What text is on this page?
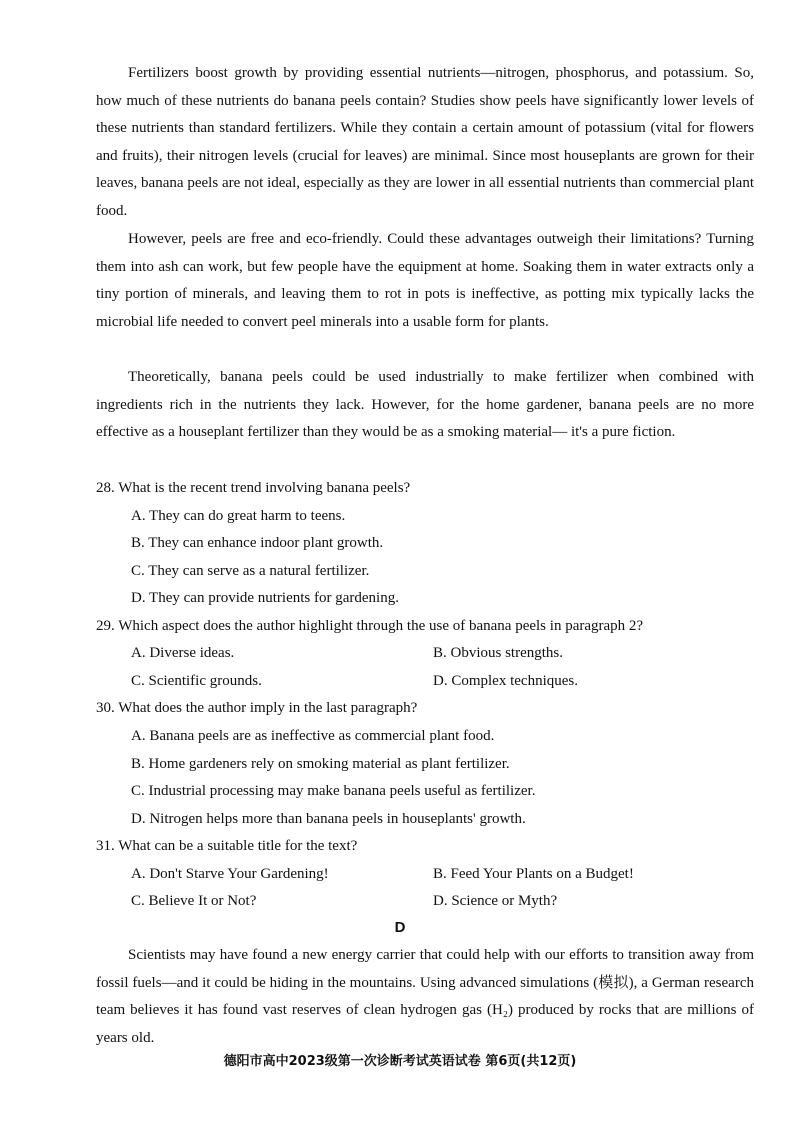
Fertilizers boost growth by providing essential nutrients—nitrogen, phosphorus, and potassium. So, how much of these nutrients do banana peels contain? Studies show peels have significantly lower levels of these nutrients than standard fertilizers. While they contain a certain amount of potassium (vital for flowers and fruits), their nitrogen levels (crucial for leaves) are minimal. Since most houseplants are grown for their leaves, banana peels are not ideal, especially as they are lower in all essential nutrients than commercial plant food.

However, peels are free and eco-friendly. Could these advantages outweigh their limitations? Turning them into ash can work, but few people have the equipment at home. Soaking them in water extracts only a tiny portion of minerals, and leaving them to rot in pots is ineffective, as potting mix typically lacks the microbial life needed to convert peel minerals into a usable form for plants.

Theoretically, banana peels could be used industrially to make fertilizer when combined with ingredients rich in the nutrients they lack. However, for the home gardener, banana peels are no more effective as a houseplant fertilizer than they would be as a smoking material— it's a pure fiction.

28. What is the recent trend involving banana peels?

A. They can do great harm to teens.

B. They can enhance indoor plant growth.

C. They can serve as a natural fertilizer.

D. They can provide nutrients for gardening.

29. Which aspect does the author highlight through the use of banana peels in paragraph 2?

A. Diverse ideas.	B. Obvious strengths.

C. Scientific grounds.	D. Complex techniques.

30. What does the author imply in the last paragraph?

A. Banana peels are as ineffective as commercial plant food.

B. Home gardeners rely on smoking material as plant fertilizer.

C. Industrial processing may make banana peels useful as fertilizer.

D. Nitrogen helps more than banana peels in houseplants' growth.

31. What can be a suitable title for the text?

A. Don't Starve Your Gardening!	B. Feed Your Plants on a Budget!

C. Believe It or Not?	D. Science or Myth?

D

Scientists may have found a new energy carrier that could help with our efforts to transition away from fossil fuels—and it could be hiding in the mountains. Using advanced simulations (模拟), a German research team believes it has found vast reserves of clean hydrogen gas (H₂) produced by rocks that are millions of years old.

德阳市高中2023级第一次诊断考试英语试卷 第6页(共12页)
